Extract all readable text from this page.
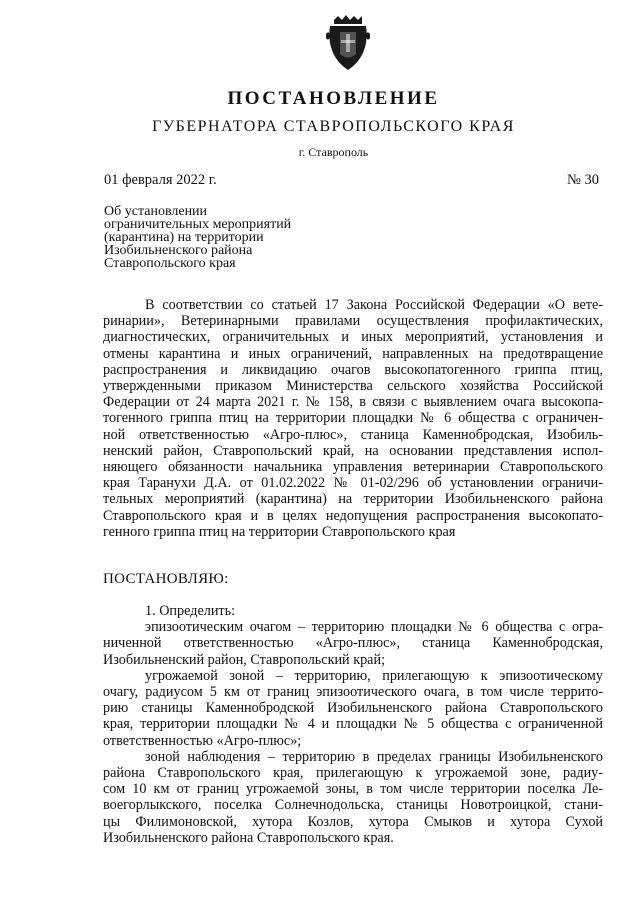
ПОСТАНОВЛЕНИЕ
ГУБЕРНАТОРА СТАВРОПОЛЬСКОГО КРАЯ
г. Ставрополь
01 февраля 2022 г.	№ 30
Об установлении
ограничительных мероприятий
(карантина) на территории
Изобильненского района
Ставропольского края
В соответствии со статьей 17 Закона Российской Федерации «О вете-
ринарии», Ветеринарными правилами осуществления профилактических,
диагностических, ограничительных и иных мероприятий, установления и
отмены карантина и иных ограничений, направленных на предотвращение
распространения и ликвидацию очагов высокопатогенного гриппа птиц,
утвержденными приказом Министерства сельского хозяйства Российской
Федерации от 24 марта 2021 г. № 158, в связи с выявлением очага высокопа-
тогенного гриппа птиц на территории площадки № 6 общества с ограничен-
ной ответственностью «Агро-плюс», станица Каменнобродская, Изобиль-
ненский район, Ставропольский край, на основании представления испол-
няющего обязанности начальника управления ветеринарии Ставропольского
края Таранухи Д.А. от 01.02.2022 № 01-02/296 об установлении ограничи-
тельных мероприятий (карантина) на территории Изобильненского района
Ставропольского края и в целях недопущения распространения высокопато-
генного гриппа птиц на территории Ставропольского края
ПОСТАНОВЛЯЮ:
1. Определить:
эпизоотическим очагом – территорию площадки № 6 общества с огра-
ниченной ответственностью «Агро-плюс», станица Каменнобродская,
Изобильненский район, Ставропольский край;
угрожаемой зоной – территорию, прилегающую к эпизоотическому
очагу, радиусом 5 км от границ эпизоотического очага, в том числе террито-
рию станицы Каменнобродской Изобильненского района Ставропольского
края, территории площадки № 4 и площадки № 5 общества с ограниченной
ответственностью «Агро-плюс»;
зоной наблюдения – территорию в пределах границы Изобильненского
района Ставропольского края, прилегающую к угрожаемой зоне, радиу-
сом 10 км от границ угрожаемой зоны, в том числе территории поселка Ле-
воегорлыкского, поселка Солнечнодольска, станицы Новотроицкой, стани-
цы Филимоновской, хутора Козлов, хутора Смыков и хутора Сухой
Изобильненского района Ставропольского края.
